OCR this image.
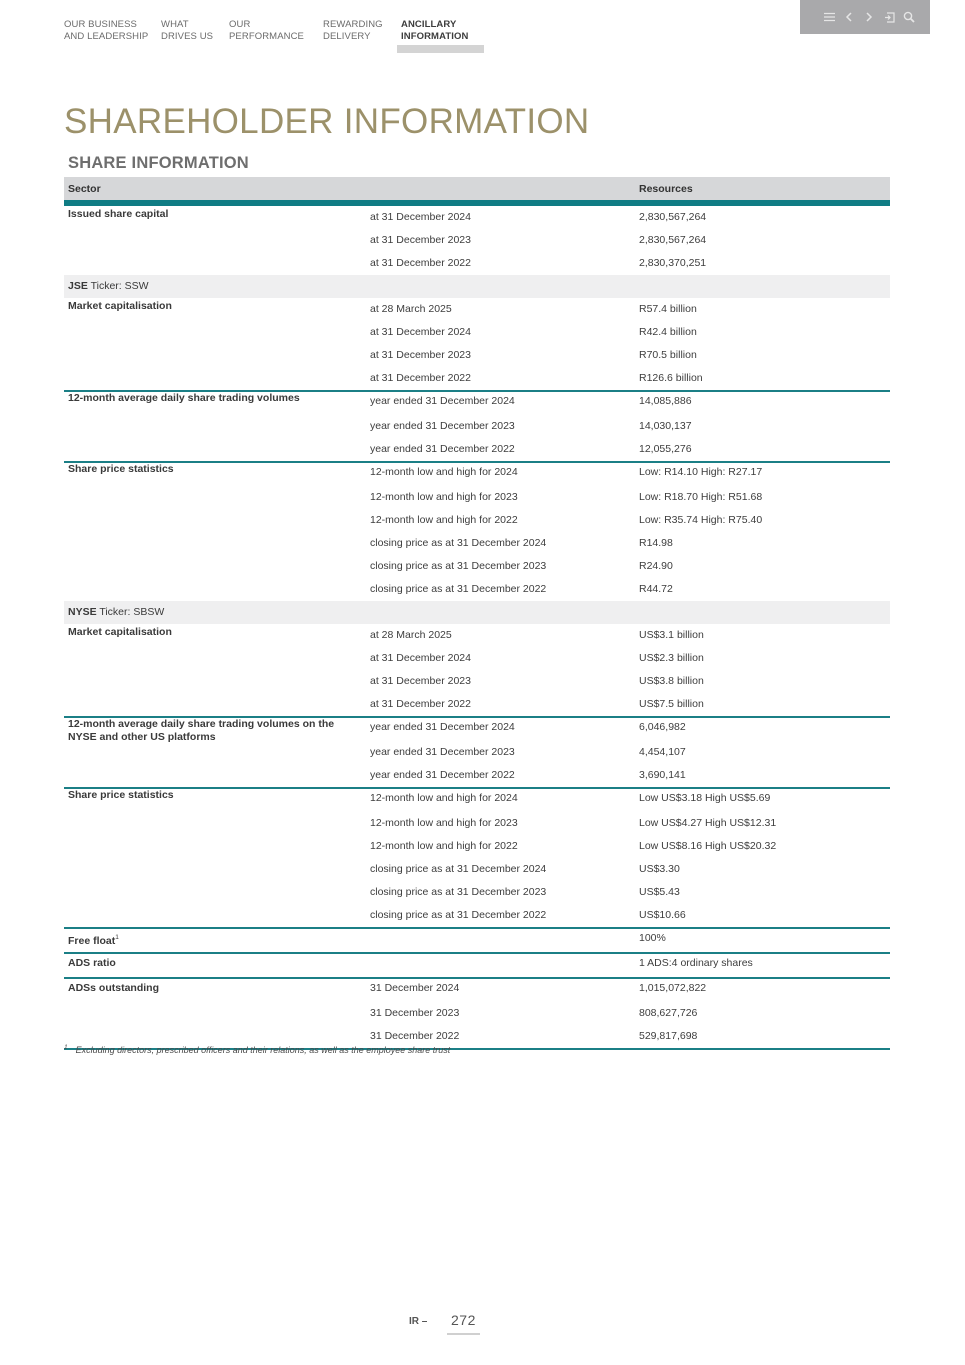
OUR BUSINESS
AND LEADERSHIP
WHAT
DRIVES US
OUR
PERFORMANCE
REWARDING
DELIVERY
ANCILLARY
INFORMATION
SHAREHOLDER INFORMATION
SHARE INFORMATION
Sector	Resources
Issued share capital	at 31 December 2024	2,830,567,264
at 31 December 2023	2,830,567,264
at 31 December 2022	2,830,370,251
JSE Ticker: SSW
Market capitalisation	at 28 March 2025	R57.4 billion
at 31 December 2024	R42.4 billion
at 31 December 2023	R70.5 billion
at 31 December 2022	R126.6 billion
12-month average daily share trading volumes	year ended 31 December 2024	14,085,886
year ended 31 December 2023	14,030,137
year ended 31 December 2022	12,055,276
Share price statistics	12-month low and high for 2024	Low: R14.10 High: R27.17
12-month low and high for 2023	Low: R18.70 High: R51.68
12-month low and high for 2022	Low: R35.74 High: R75.40
closing price as at 31 December 2024	R14.98
closing price as at 31 December 2023	R24.90
closing price as at 31 December 2022	R44.72
NYSE Ticker: SBSW
Market capitalisation	at 28 March 2025	US$3.1 billion
at 31 December 2024	US$2.3 billion
at 31 December 2023	US$3.8 billion
at 31 December 2022	US$7.5 billion
12-month average daily share trading volumes on the NYSE and other US platforms
year ended 31 December 2024	6,046,982
year ended 31 December 2023	4,454,107
year ended 31 December 2022	3,690,141
Share price statistics	12-month low and high for 2024	Low US$3.18 High US$5.69
12-month low and high for 2023	Low US$4.27 High US$12.31
12-month low and high for 2022	Low US$8.16 High US$20.32
closing price as at 31 December 2024	US$3.30
closing price as at 31 December 2023	US$5.43
closing price as at 31 December 2022	US$10.66
Free float$^1$	100%
ADS ratio	1 ADS:4 ordinary shares
ADSs outstanding	31 December 2024	1,015,072,822
31 December 2023	808,627,726
31 December 2022	529,817,698
$^1$ Excluding directors, prescribed officers and their relations, as well as the employee share trust
IR – 272
